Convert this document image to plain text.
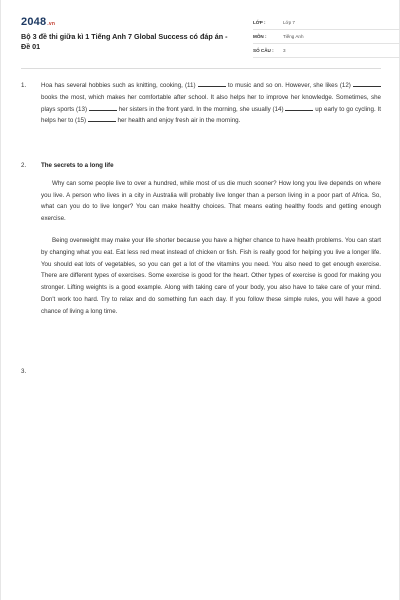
2048.vn
Bộ 3 đề thi giữa kì 1 Tiếng Anh 7 Global Success có đáp án - Đề 01
LỚP :	Lớp 7
MÔN :	Tiếng Anh
SỐ CÂU : 3
1. Hoa has several hobbies such as knitting, cooking, (11)	to music and so on. However, she likes (12)  books the most, which makes her comfortable after school. It also helps her to improve her knowledge. Sometimes, she plays sports (13)	her sisters in the front yard. In the morning, she usually (14)	up early to go cycling. It helps her to (15)	her health and enjoy fresh air in the morning.
2. The secrets to a long life

Why can some people live to over a hundred, while most of us die much sooner? How long you live depends on where you live. A person who lives in a city in Australia will probably live longer than a person living in a poor part of Africa. So, what can you do to live longer? You can make healthy choices. That means eating healthy foods and getting enough exercise.

Being overweight may make your life shorter because you have a higher chance to have health problems. You can start by changing what you eat. Eat less red meat instead of chicken or fish. Fish is really good for helping you live a longer life. You should eat lots of vegetables, so you can get a lot of the vitamins you need. You also need to get enough exercise. There are different types of exercises. Some exercise is good for the heart. Other types of exercise is good for making you stronger. Lifting weights is a good example. Along with taking care of your body, you also have to take care of your mind. Don't work too hard. Try to relax and do something fun each day. If you follow these simple rules, you will have a good chance of living a long time.

3.
